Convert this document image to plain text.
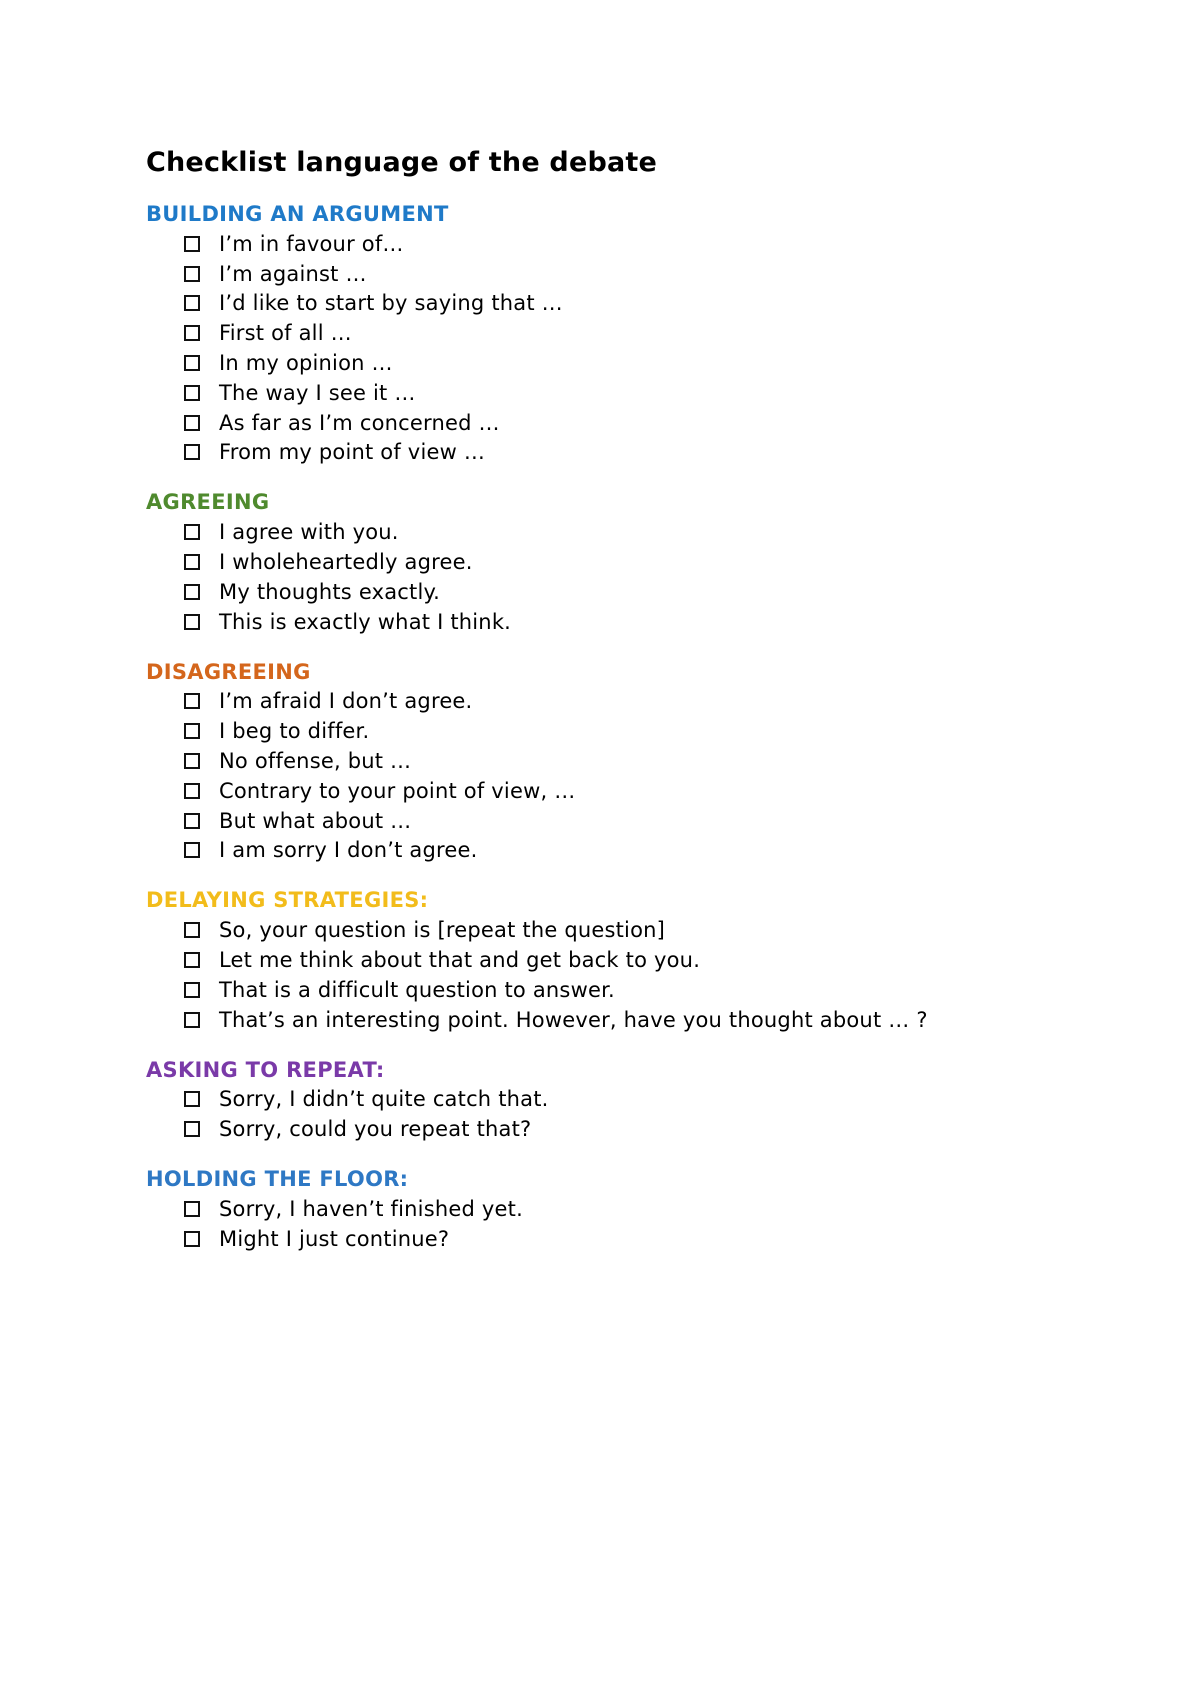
Checklist language of the debate
BUILDING AN ARGUMENT
I’m in favour of…
I’m against …
I’d like to start by saying that …
First of all …
In my opinion …
The way I see it …
As far as I’m concerned …
From my point of view …
AGREEING
I agree with you.
I wholeheartedly agree.
My thoughts exactly.
This is exactly what I think.
DISAGREEING
I’m afraid I don’t agree.
I beg to differ.
No offense, but …
Contrary to your point of view, …
But what about …
I am sorry I don’t agree.
DELAYING STRATEGIES:
So, your question is [repeat the question]
Let me think about that and get back to you.
That is a difficult question to answer.
That’s an interesting point. However, have you thought about … ?
ASKING TO REPEAT:
Sorry, I didn’t quite catch that.
Sorry, could you repeat that?
HOLDING THE FLOOR:
Sorry, I haven’t finished yet.
Might I just continue?
